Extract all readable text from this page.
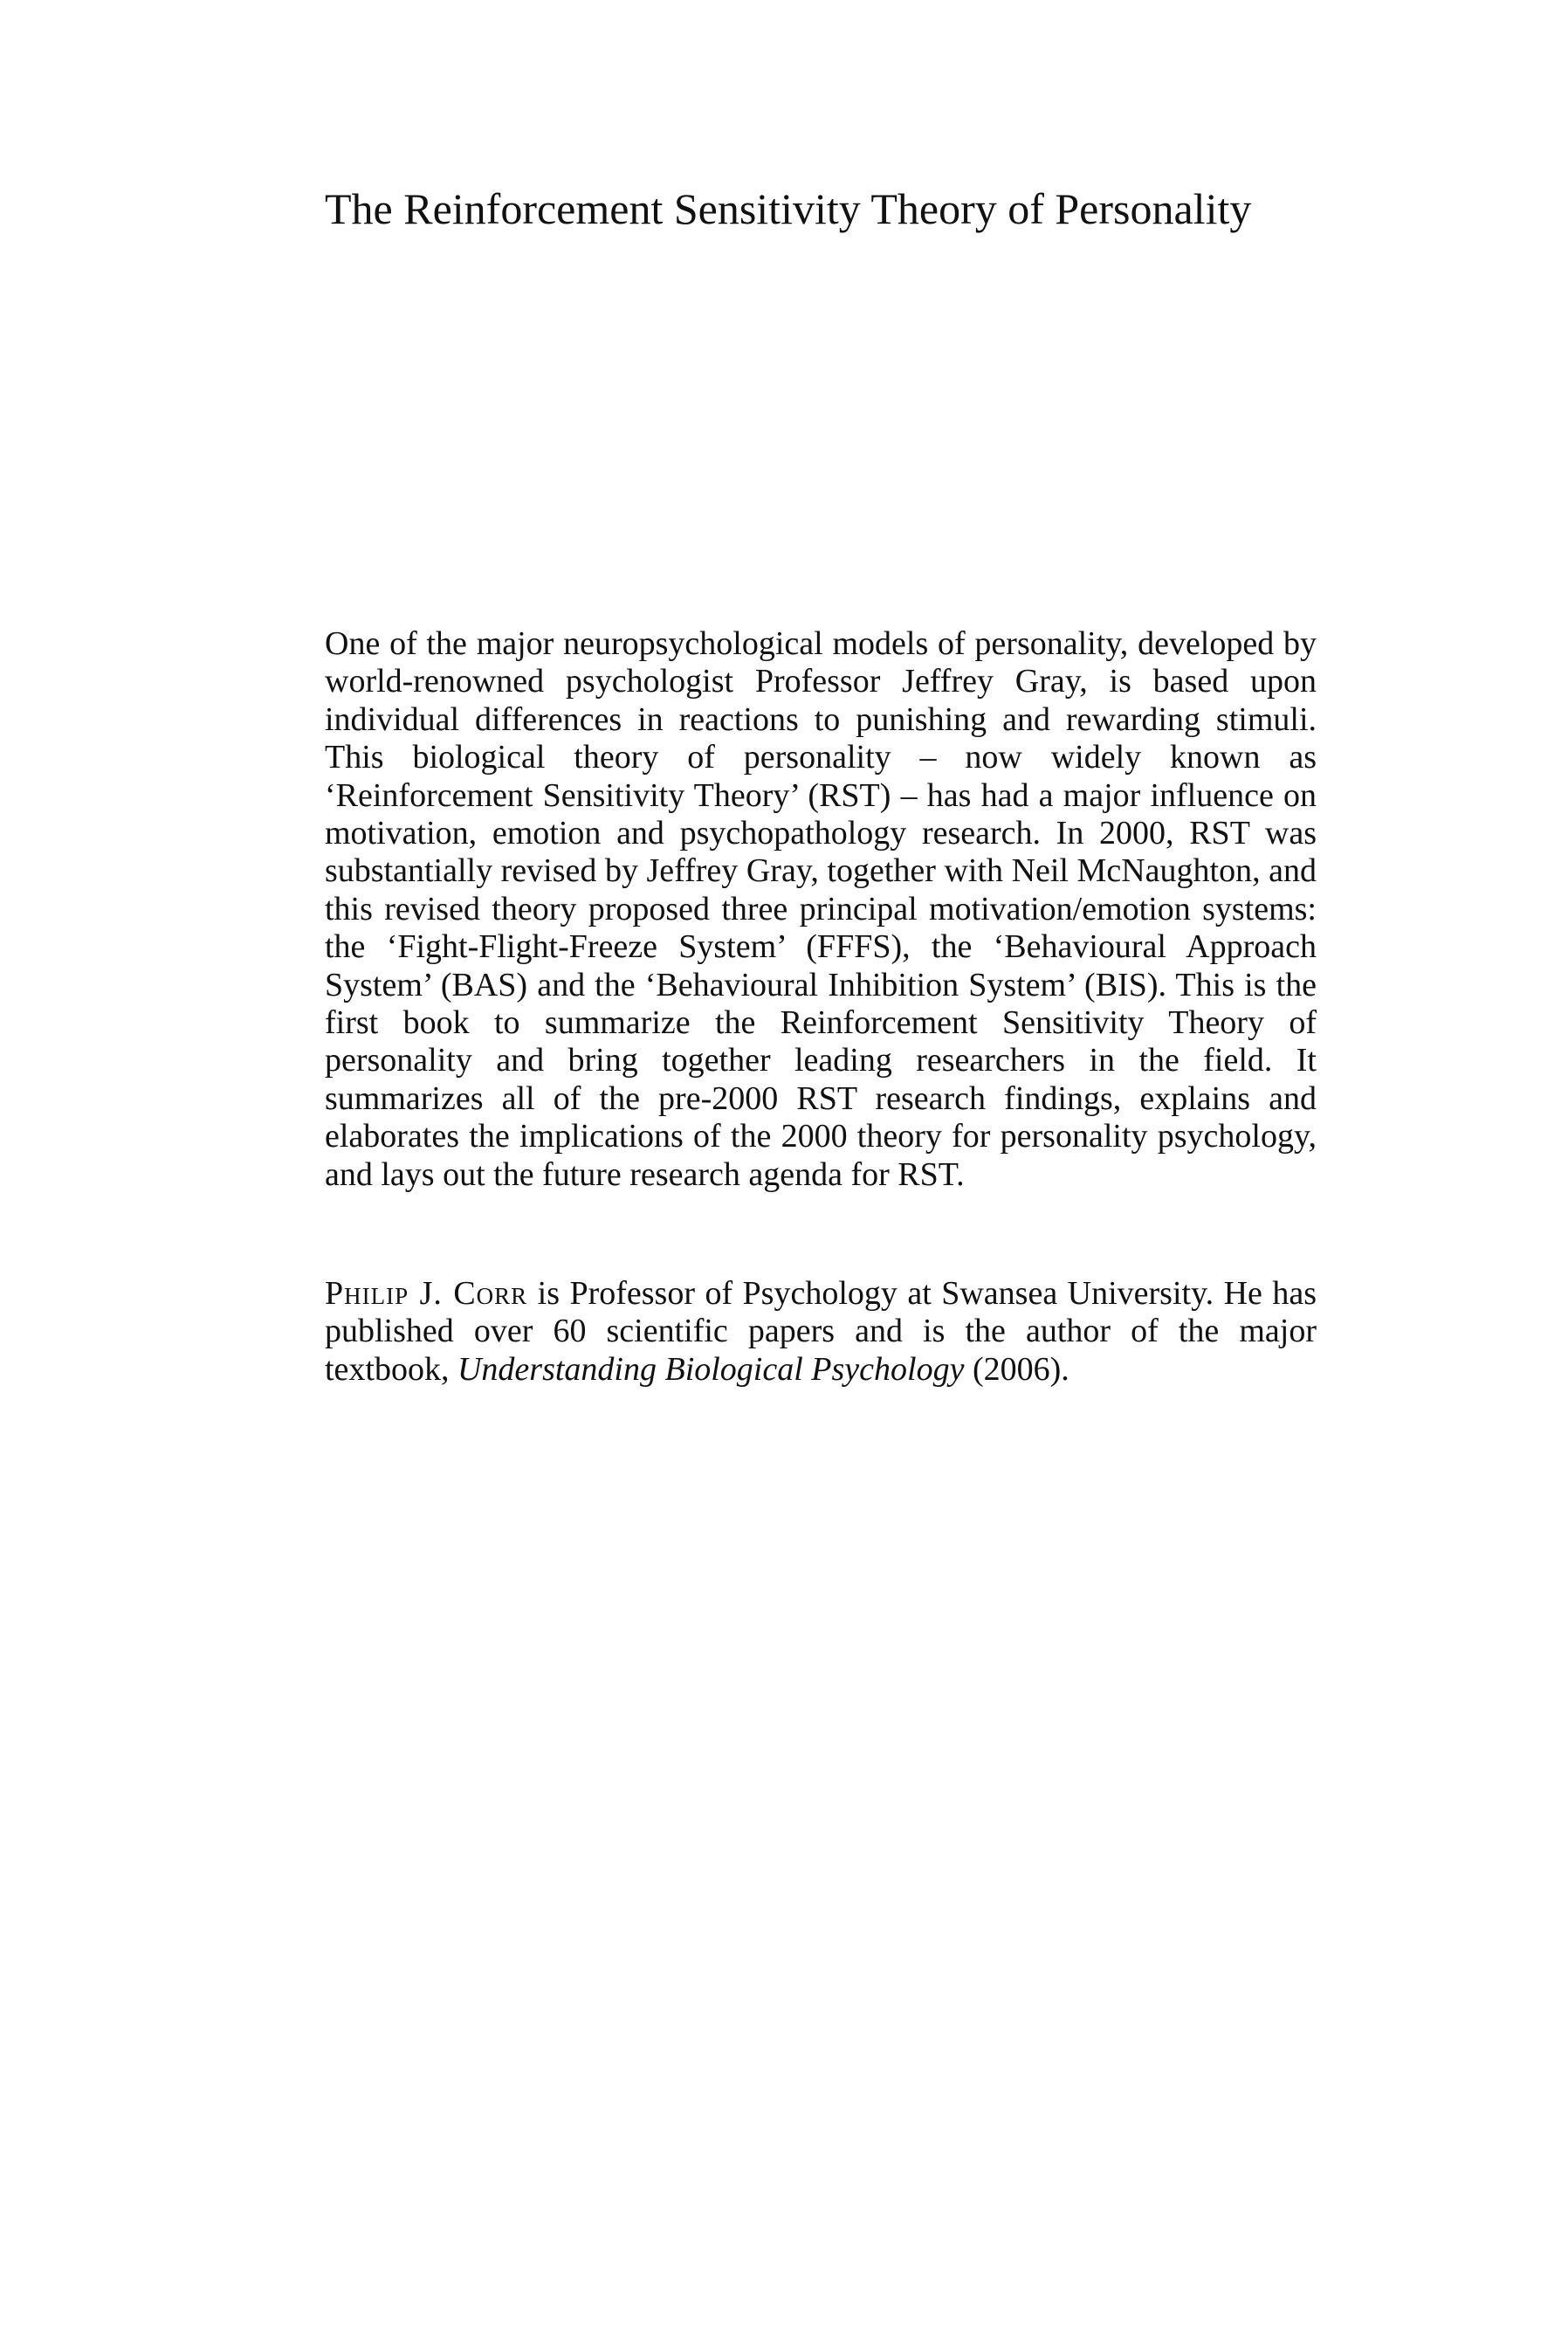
The Reinforcement Sensitivity Theory of Personality

One of the major neuropsychological models of personality, developed by world-renowned psychologist Professor Jeffrey Gray, is based upon individual differences in reactions to punishing and rewarding stimuli. This biological theory of personality – now widely known as ‘Reinforcement Sensitivity Theory’ (RST) – has had a major influence on motivation, emotion and psychopathology research. In 2000, RST was substantially revised by Jeffrey Gray, together with Neil McNaughton, and this revised theory proposed three principal motivation/emotion systems: the ‘Fight-Flight-Freeze System’ (FFFS), the ‘Behavioural Approach System’ (BAS) and the ‘Behavioural Inhibition System’ (BIS). This is the first book to summarize the Reinforcement Sensitivity Theory of personality and bring together leading researchers in the field. It summarizes all of the pre-2000 RST research findings, explains and elaborates the implications of the 2000 theory for personality psychology, and lays out the future research agenda for RST.

Philip J. Corr is Professor of Psychology at Swansea University. He has published over 60 scientific papers and is the author of the major textbook, Understanding Biological Psychology (2006).
